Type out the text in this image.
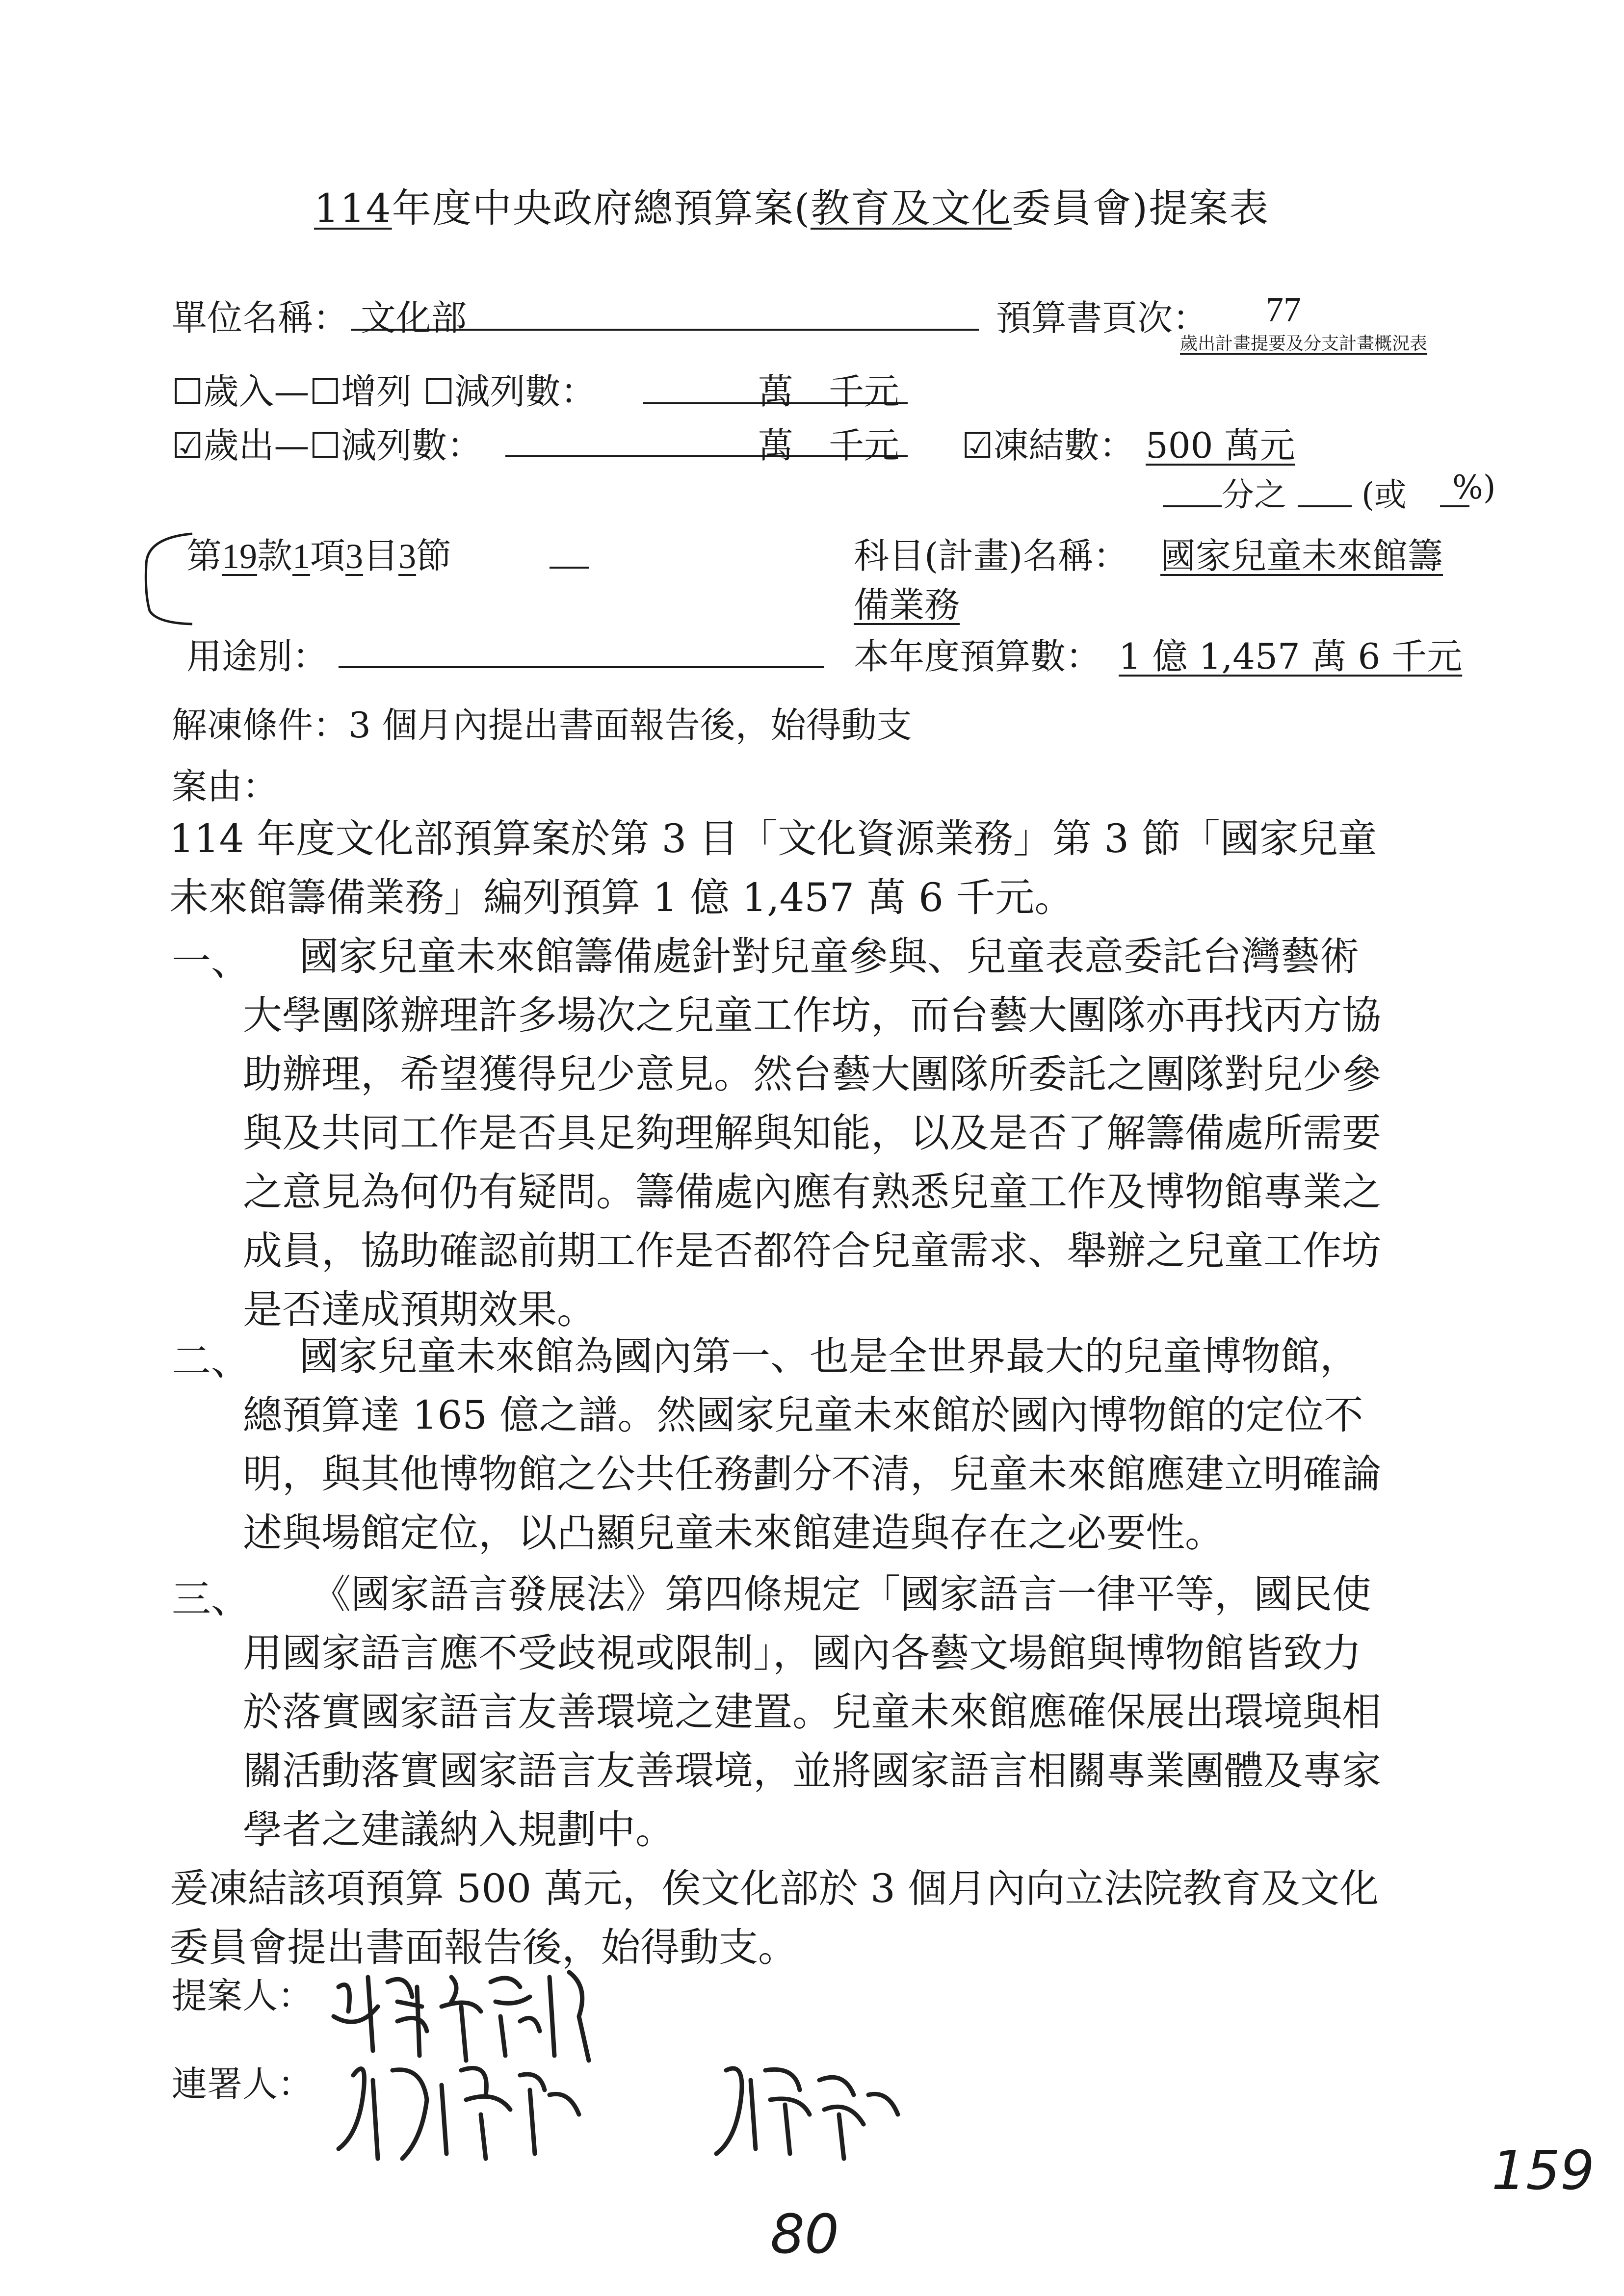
114年度中央政府總預算案(教育及文化委員會)提案表
單位名稱： 文化部	預算書頁次： 77
歲出計畫提要及分支計畫概況表
☐歲入—☐增列 ☐減列數：	萬　千元
☑歲出—☐減列數：	萬　千元 ☑凍結數： 500 萬元
分之 (或 %)
第19款1項3目3節	科目(計畫)名稱： 國家兒童未來館籌
備業務
用途別：	本年度預算數： 1 億 1,457 萬 6 千元
解凍條件：3 個月內提出書面報告後，始得動支
案由：
114 年度文化部預算案於第 3 目「文化資源業務」第 3 節「國家兒童
未來館籌備業務」編列預算 1 億 1,457 萬 6 千元。
一、	國家兒童未來館籌備處針對兒童參與、兒童表意委託台灣藝術
大學團隊辦理許多場次之兒童工作坊，而台藝大團隊亦再找丙方協
助辦理，希望獲得兒少意見。然台藝大團隊所委託之團隊對兒少參
與及共同工作是否具足夠理解與知能，以及是否了解籌備處所需要
之意見為何仍有疑問。籌備處內應有熟悉兒童工作及博物館專業之
成員，協助確認前期工作是否都符合兒童需求、舉辦之兒童工作坊
是否達成預期效果。
二、	國家兒童未來館為國內第一、也是全世界最大的兒童博物館，
總預算達 165 億之譜。然國家兒童未來館於國內博物館的定位不
明，與其他博物館之公共任務劃分不清，兒童未來館應建立明確論
述與場館定位，以凸顯兒童未來館建造與存在之必要性。
三、	《國家語言發展法》第四條規定「國家語言一律平等，國民使
用國家語言應不受歧視或限制」，國內各藝文場館與博物館皆致力
於落實國家語言友善環境之建置。兒童未來館應確保展出環境與相
關活動落實國家語言友善環境，並將國家語言相關專業團體及專家
學者之建議納入規劃中。
爰凍結該項預算 500 萬元，俟文化部於 3 個月內向立法院教育及文化
委員會提出書面報告後，始得動支。
提案人：
連署人：
80
159
